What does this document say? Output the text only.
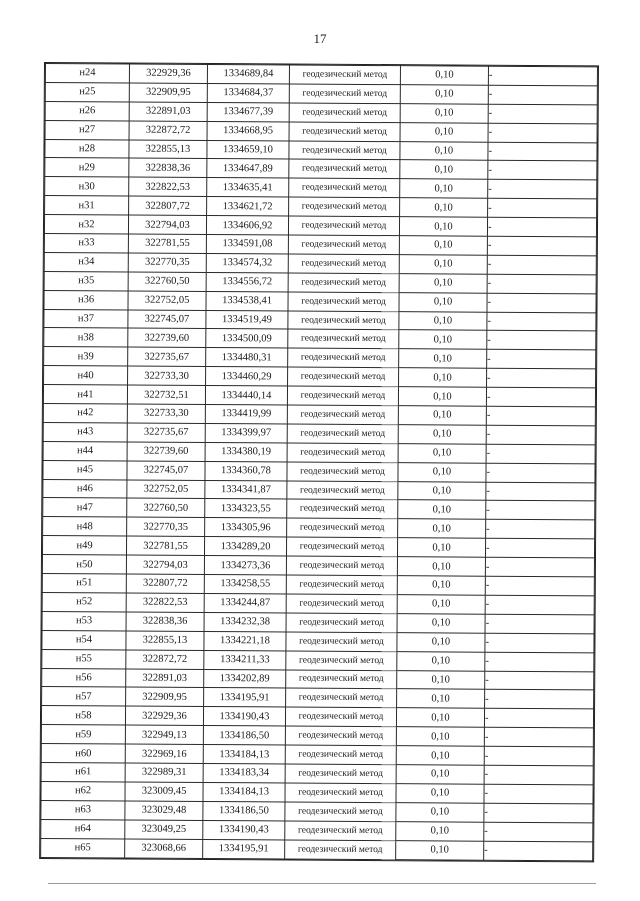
17
н24	322929,36	1334689,84	геодезический метод	0,10	-
н25	322909,95	1334684,37	геодезический метод	0,10	-
н26	322891,03	1334677,39	геодезический метод	0,10	-
н27	322872,72	1334668,95	геодезический метод	0,10	-
н28	322855,13	1334659,10	геодезический метод	0,10	-
н29	322838,36	1334647,89	геодезический метод	0,10	-
н30	322822,53	1334635,41	геодезический метод	0,10	-
н31	322807,72	1334621,72	геодезический метод	0,10	-
н32	322794,03	1334606,92	геодезический метод	0,10	-
н33	322781,55	1334591,08	геодезический метод	0,10	-
н34	322770,35	1334574,32	геодезический метод	0,10	-
н35	322760,50	1334556,72	геодезический метод	0,10	-
н36	322752,05	1334538,41	геодезический метод	0,10	-
н37	322745,07	1334519,49	геодезический метод	0,10	-
н38	322739,60	1334500,09	геодезический метод	0,10	-
н39	322735,67	1334480,31	геодезический метод	0,10	-
н40	322733,30	1334460,29	геодезический метод	0,10	-
н41	322732,51	1334440,14	геодезический метод	0,10	-
н42	322733,30	1334419,99	геодезический метод	0,10	-
н43	322735,67	1334399,97	геодезический метод	0,10	-
н44	322739,60	1334380,19	геодезический метод	0,10	-
н45	322745,07	1334360,78	геодезический метод	0,10	-
н46	322752,05	1334341,87	геодезический метод	0,10	-
н47	322760,50	1334323,55	геодезический метод	0,10	-
н48	322770,35	1334305,96	геодезический метод	0,10	-
н49	322781,55	1334289,20	геодезический метод	0,10	-
н50	322794,03	1334273,36	геодезический метод	0,10	-
н51	322807,72	1334258,55	геодезический метод	0,10	-
н52	322822,53	1334244,87	геодезический метод	0,10	-
н53	322838,36	1334232,38	геодезический метод	0,10	-
н54	322855,13	1334221,18	геодезический метод	0,10	-
н55	322872,72	1334211,33	геодезический метод	0,10	-
н56	322891,03	1334202,89	геодезический метод	0,10	-
н57	322909,95	1334195,91	геодезический метод	0,10	-
н58	322929,36	1334190,43	геодезический метод	0,10	-
н59	322949,13	1334186,50	геодезический метод	0,10	-
н60	322969,16	1334184,13	геодезический метод	0,10	-
н61	322989,31	1334183,34	геодезический метод	0,10	-
н62	323009,45	1334184,13	геодезический метод	0,10	-
н63	323029,48	1334186,50	геодезический метод	0,10	-
н64	323049,25	1334190,43	геодезический метод	0,10	-
н65	323068,66	1334195,91	геодезический метод	0,10	-
